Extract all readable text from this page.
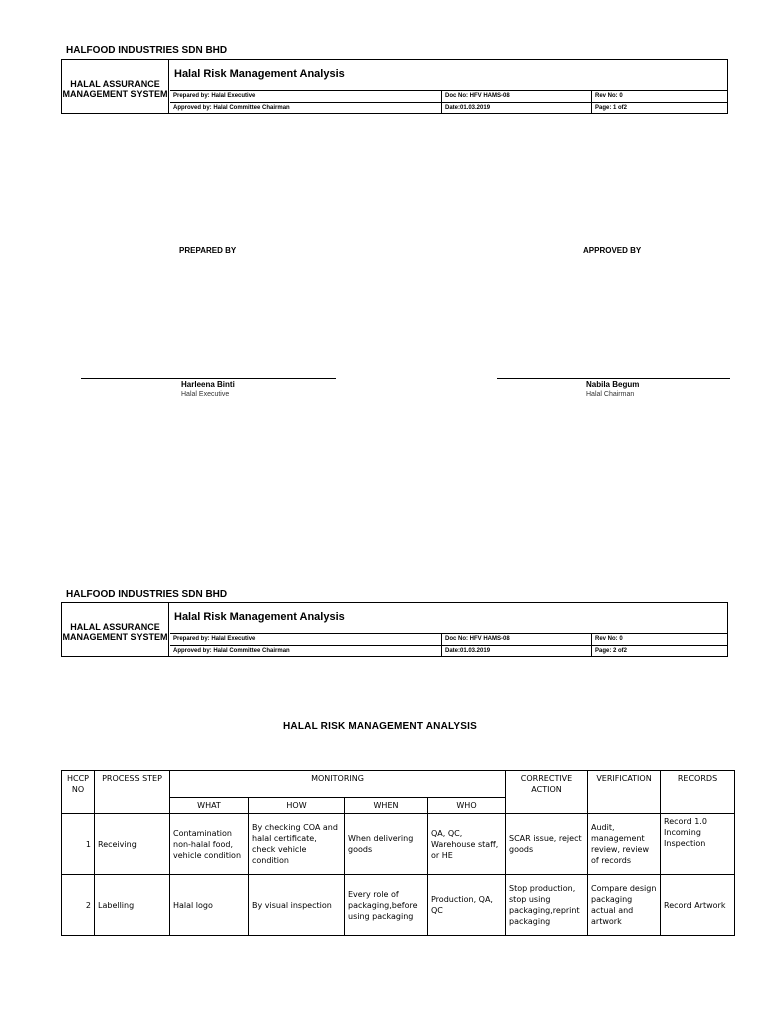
HALFOOD INDUSTRIES SDN BHD
HALAL ASSURANCE MANAGEMENT SYSTEM
Halal Risk Management Analysis
Prepared by: Halal Executive	Doc No: HFV HAMS-08	Rev No: 0
Approved by: Halal Committee Chairman	Date:01.03.2019	Page: 1 of2
PREPARED BY	APPROVED BY
Harleena Binti
Halal Executive
Nabila Begum
Halal Chairman
HALFOOD INDUSTRIES SDN BHD
HALAL ASSURANCE MANAGEMENT SYSTEM
Halal Risk Management Analysis
Prepared by: Halal Executive	Doc No: HFV HAMS-08	Rev No: 0
Approved by: Halal Committee Chairman	Date:01.03.2019	Page: 2 of2
HALAL RISK MANAGEMENT ANALYSIS
HCCP NO	PROCESS STEP	MONITORING				CORRECTIVE ACTION	VERIFICATION	RECORDS
		WHAT	HOW	WHEN	WHO			
1	Receiving	Contamination non-halal food, vehicle condition	By checking COA and halal certificate, check vehicle condition	When delivering goods	QA, QC, Warehouse staff, or HE	SCAR issue, reject goods	Audit, management review, review of records	Record 1.0 Incoming Inspection
2	Labelling	Halal logo	By visual inspection	Every role of packaging,before using packaging	Production, QA, QC	Stop production, stop using packaging,reprint packaging	Compare design packaging actual and artwork	Record Artwork
